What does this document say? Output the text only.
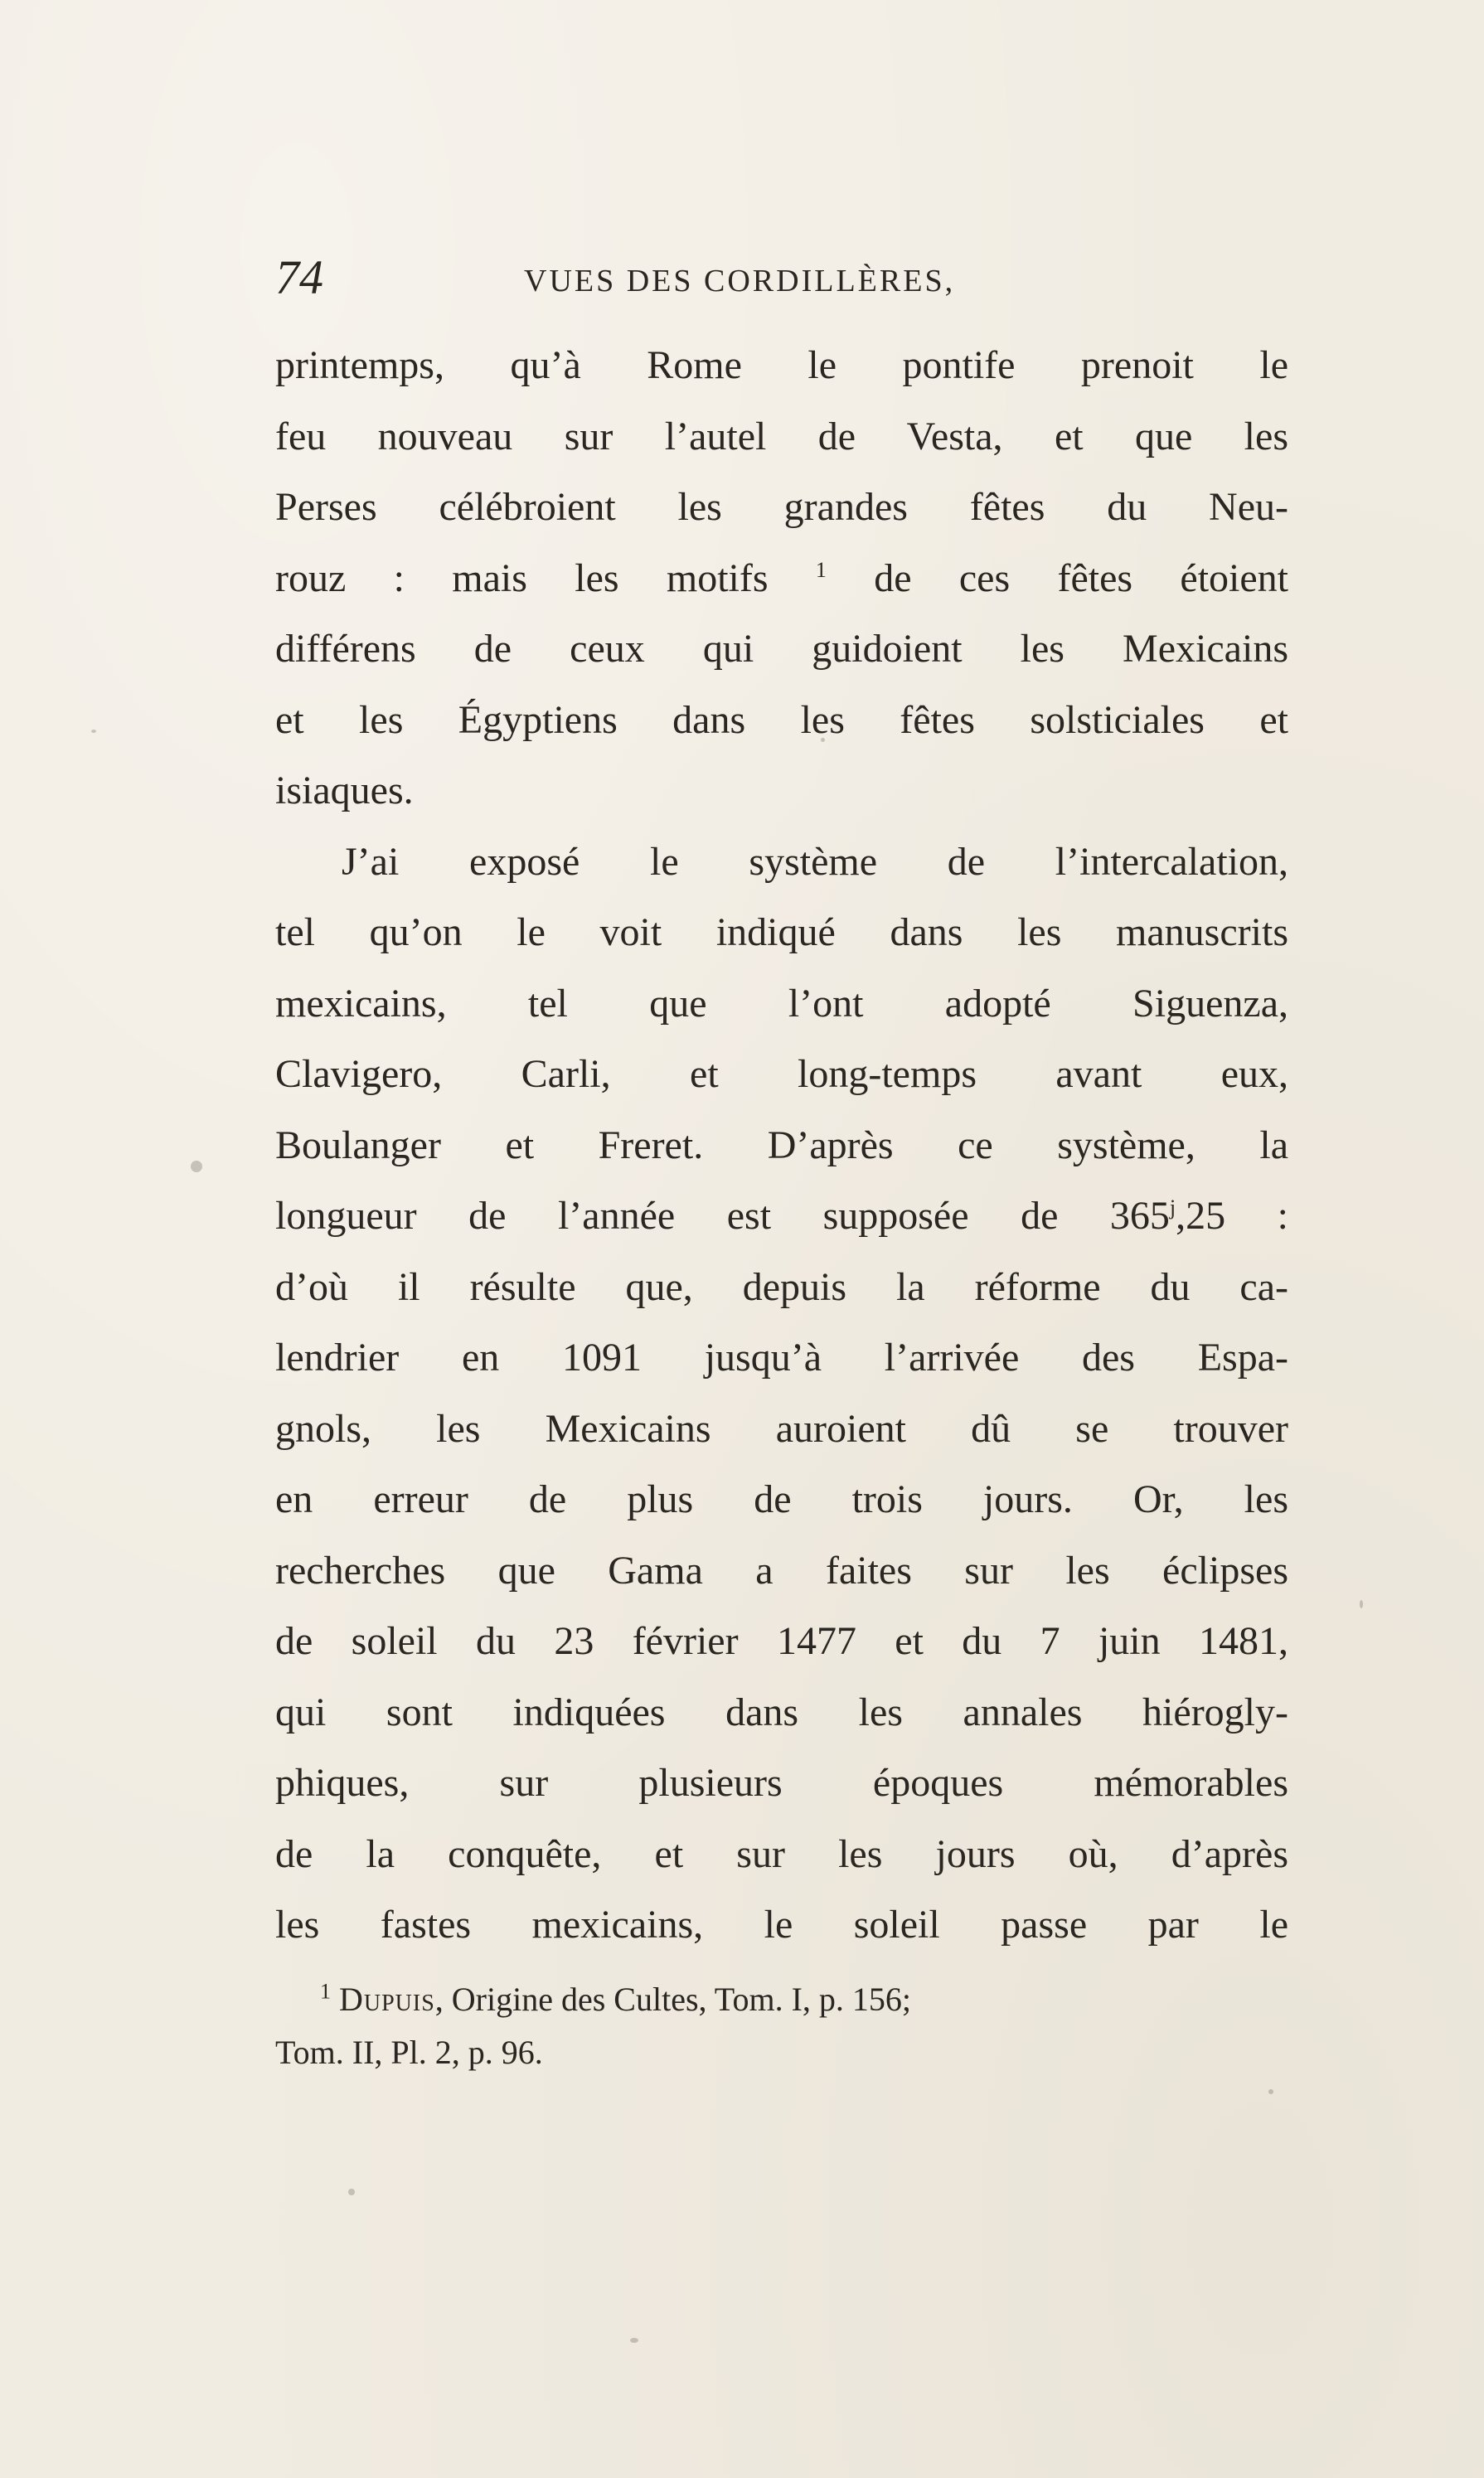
74	VUES DES CORDILLÈRES,
printemps, qu’à Rome le pontife prenoit le
feu nouveau sur l’autel de Vesta, et que les
Perses célébroient les grandes fêtes du Neu-
rouz : mais les motifs $^1$ de ces fêtes étoient
différens de ceux qui guidoient les Mexicains
et les Égyptiens dans les fêtes solsticiales et
isiaques.
J’ai exposé le système de l’intercalation,
tel qu’on le voit indiqué dans les manuscrits
mexicains, tel que l’ont adopté Siguenza,
Clavigero, Carli, et long-temps avant eux,
Boulanger et Freret. D’après ce système, la
longueur de l’année est supposée de 365$^j$,25 :
d’où il résulte que, depuis la réforme du ca-
lendrier en 1091 jusqu’à l’arrivée des Espa-
gnols, les Mexicains auroient dû se trouver
en erreur de plus de trois jours. Or, les
recherches que Gama a faites sur les éclipses
de soleil du 23 février 1477 et du 7 juin 1481,
qui sont indiquées dans les annales hiérogly-
phiques, sur plusieurs époques mémorables
de la conquête, et sur les jours où, d’après
les fastes mexicains, le soleil passe par le
$^1$ Dupuis, Origine des Cultes, Tom. I, p. 156;
Tom. II, Pl. 2, p. 96.
